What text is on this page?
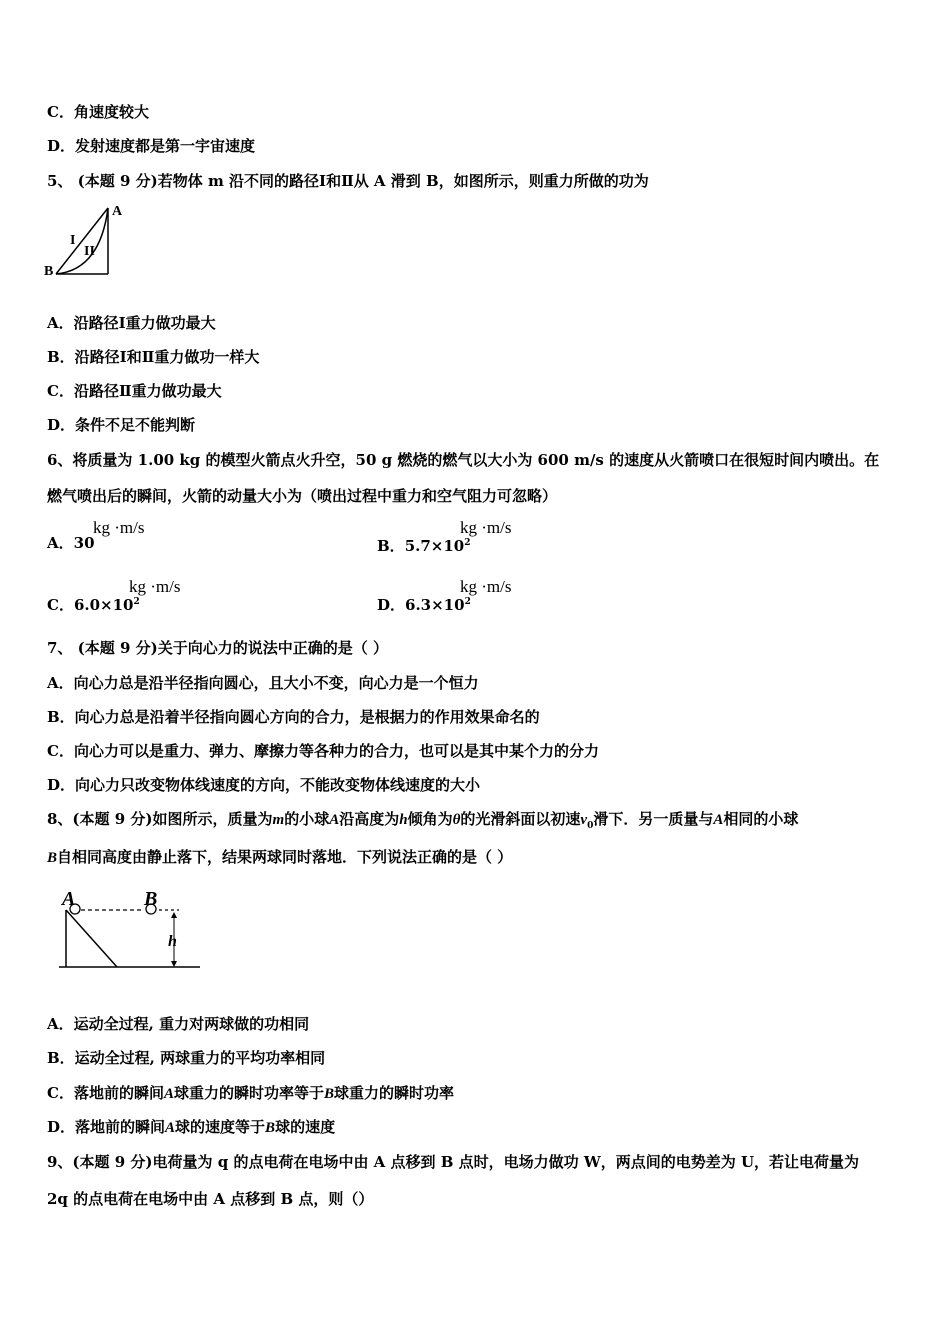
C．角速度较大
D．发射速度都是第一宇宙速度
5、 (本题 9 分)若物体 m 沿不同的路径Ⅰ和Ⅱ从 A 滑到 B，如图所示，则重力所做的功为
A
B
I
II
A．沿路径Ⅰ重力做功最大
B．沿路径Ⅰ和Ⅱ重力做功一样大
C．沿路径Ⅱ重力做功最大
D．条件不足不能判断
6、将质量为 1.00 kg 的模型火箭点火升空，50 g 燃烧的燃气以大小为 600 m/s 的速度从火箭喷口在很短时间内喷出。在
燃气喷出后的瞬间，火箭的动量大小为（喷出过程中重力和空气阻力可忽略）
A．30
kg ·m/s
B．$5.7\times 10^2$
kg ·m/s
C．$6.0\times 10^2$
kg ·m/s
D．$6.3\times 10^2$
kg ·m/s
7、 (本题 9 分)关于向心力的说法中正确的是（ ）
A．向心力总是沿半径指向圆心，且大小不变，向心力是一个恒力
B．向心力总是沿着半径指向圆心方向的合力，是根据力的作用效果命名的
C．向心力可以是重力、弹力、摩擦力等各种力的合力，也可以是其中某个力的分力
D．向心力只改变物体线速度的方向，不能改变物体线速度的大小
8、(本题 9 分)如图所示，质量为m的小球A沿高度为h倾角为θ的光滑斜面以初速$v_0$滑下．另一质量与A相同的小球
B自相同高度由静止落下，结果两球同时落地．下列说法正确的是（ ）
A	B
h
A．运动全过程, 重力对两球做的功相同
B．运动全过程, 两球重力的平均功率相同
C．落地前的瞬间A球重力的瞬时功率等于B球重力的瞬时功率
D．落地前的瞬间A球的速度等于B球的速度
9、(本题 9 分)电荷量为 q 的点电荷在电场中由 A 点移到 B 点时，电场力做功 W，两点间的电势差为 U，若让电荷量为
2q 的点电荷在电场中由 A 点移到 B 点，则（）
